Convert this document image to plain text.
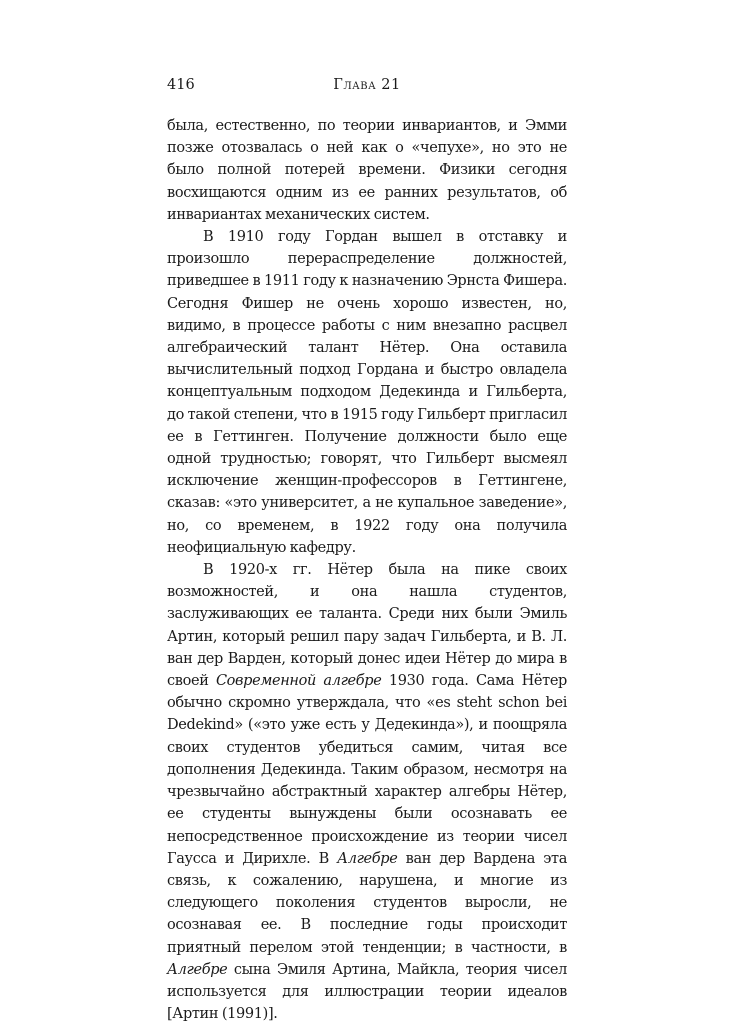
416	Глава 21

была, естественно, по теории инвариантов, и Эмми позже отозвалась о ней как о «чепухе», но это не было полной потерей времени. Физики сегодня восхищаются одним из ее ранних результатов, об инвариантах механических систем.

В 1910 году Гордан вышел в отставку и произошло перераспределение должностей, приведшее в 1911 году к назначению Эрнста Фишера. Сегодня Фишер не очень хорошо известен, но, видимо, в процессе работы с ним внезапно расцвел алгебраический талант Нётер. Она оставила вычислительный подход Гордана и быстро овладела концептуальным подходом Дедекинда и Гильберта, до такой степени, что в 1915 году Гильберт пригласил ее в Геттинген. Получение должности было еще одной трудностью; говорят, что Гильберт высмеял исключение женщин-профессоров в Геттингене, сказав: «это университет, а не купальное заведение», но, со временем, в 1922 году она получила неофициальную кафедру.

В 1920-х гг. Нётер была на пике своих возможностей, и она нашла студентов, заслуживающих ее таланта. Среди них были Эмиль Артин, который решил пару задач Гильберта, и В. Л. ван дер Варден, который донес идеи Нётер до мира в своей Современной алгебре 1930 года. Сама Нётер обычно скромно утверждала, что «es steht schon bei Dedekind» («это уже есть у Дедекинда»), и поощряла своих студентов убедиться самим, читая все дополнения Дедекинда. Таким образом, несмотря на чрезвычайно абстрактный характер алгебры Нётер, ее студенты вынуждены были осознавать ее непосредственное происхождение из теории чисел Гаусса и Дирихле. В Алгебре ван дер Вардена эта связь, к сожалению, нарушена, и многие из следующего поколения студентов выросли, не осознавая ее. В последние годы происходит приятный перелом этой тенденции; в частности, в Алгебре сына Эмиля Артина, Майкла, теория чисел используется для иллюстрации теории идеалов [Артин (1991)].
